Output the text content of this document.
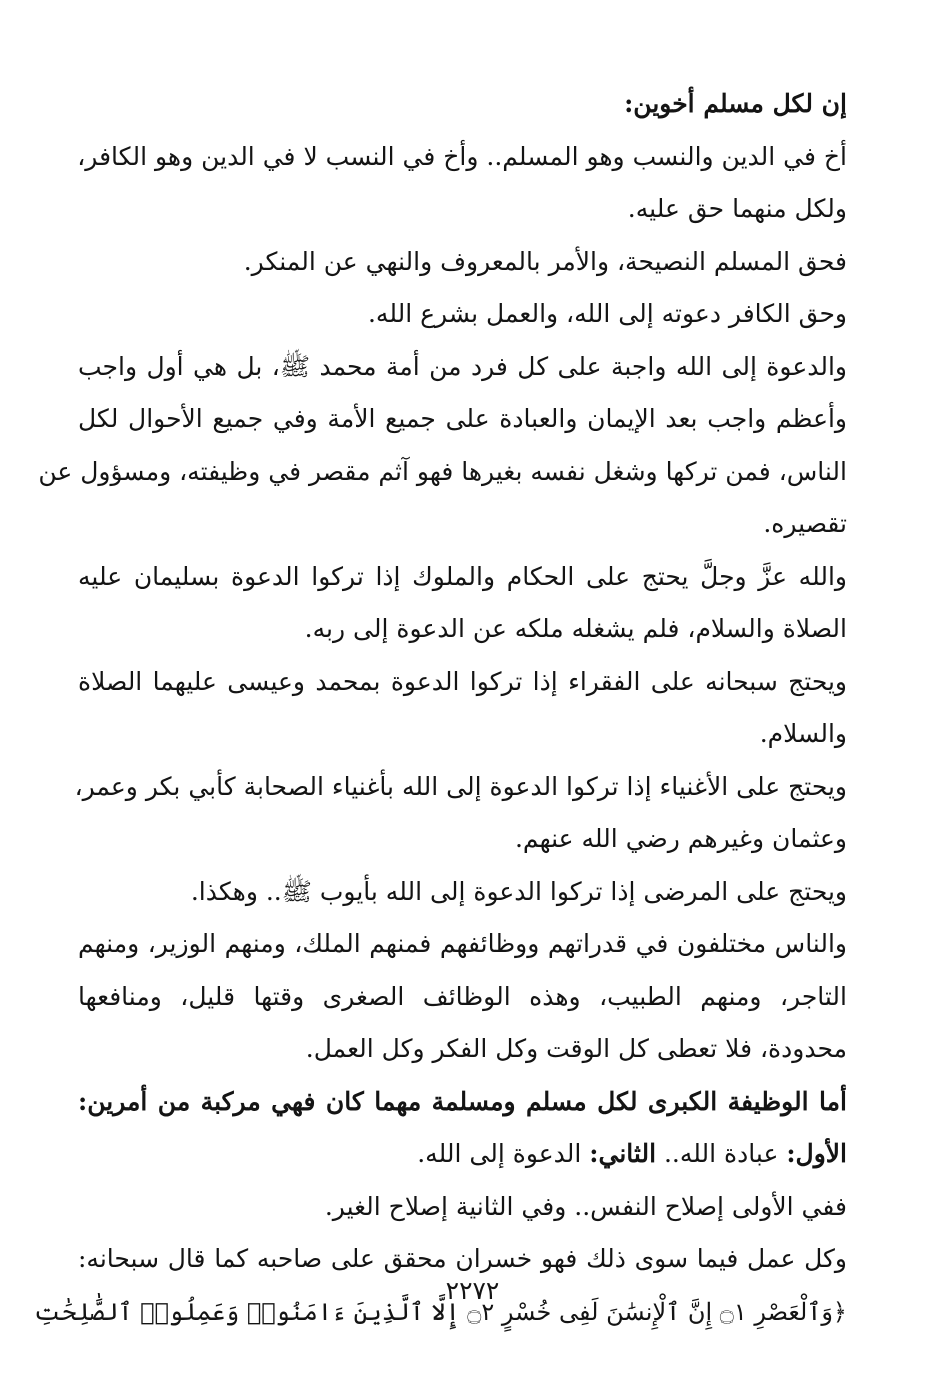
إن لكل مسلم أخوين:
أخ في الدين والنسب وهو المسلم.. وأخ في النسب لا في الدين وهو الكافر،
ولكل منهما حق عليه.
فحق المسلم النصيحة، والأمر بالمعروف والنهي عن المنكر.
وحق الكافر دعوته إلى الله، والعمل بشرع الله.
والدعوة إلى الله واجبة على كل فرد من أمة محمد ﷺ، بل هي أول واجب
وأعظم واجب بعد الإيمان والعبادة على جميع الأمة وفي جميع الأحوال لكل
الناس، فمن تركها وشغل نفسه بغيرها فهو آثم مقصر في وظيفته، ومسؤول عن
تقصيره.
والله عزَّ وجلَّ يحتج على الحكام والملوك إذا تركوا الدعوة بسليمان عليه
الصلاة والسلام، فلم يشغله ملكه عن الدعوة إلى ربه.
ويحتج سبحانه على الفقراء إذا تركوا الدعوة بمحمد وعيسى عليهما الصلاة
والسلام.
ويحتج على الأغنياء إذا تركوا الدعوة إلى الله بأغنياء الصحابة كأبي بكر وعمر،
وعثمان وغيرهم رضي الله عنهم.
ويحتج على المرضى إذا تركوا الدعوة إلى الله بأيوب ﷺ.. وهكذا.
والناس مختلفون في قدراتهم ووظائفهم فمنهم الملك، ومنهم الوزير، ومنهم
التاجر، ومنهم الطبيب، وهذه الوظائف الصغرى وقتها قليل، ومنافعها
محدودة، فلا تعطى كل الوقت وكل الفكر وكل العمل.
أما الوظيفة الكبرى لكل مسلم ومسلمة مهما كان فهي مركبة من أمرين:
الأول: عبادة الله.. الثاني: الدعوة إلى الله.
ففي الأولى إصلاح النفس.. وفي الثانية إصلاح الغير.
وكل عمل فيما سوى ذلك فهو خسران محقق على صاحبه كما قال سبحانه:
﴿وَٱلْعَصْرِ ۝١ إِنَّ ٱلْإِنسَٰنَ لَفِى خُسْرٍ ۝٢ إِلَّا ٱلَّذِينَ ءَامَنُوا۟ وَعَمِلُوا۟ ٱلصَّٰلِحَٰتِ
٢٢٧٢
